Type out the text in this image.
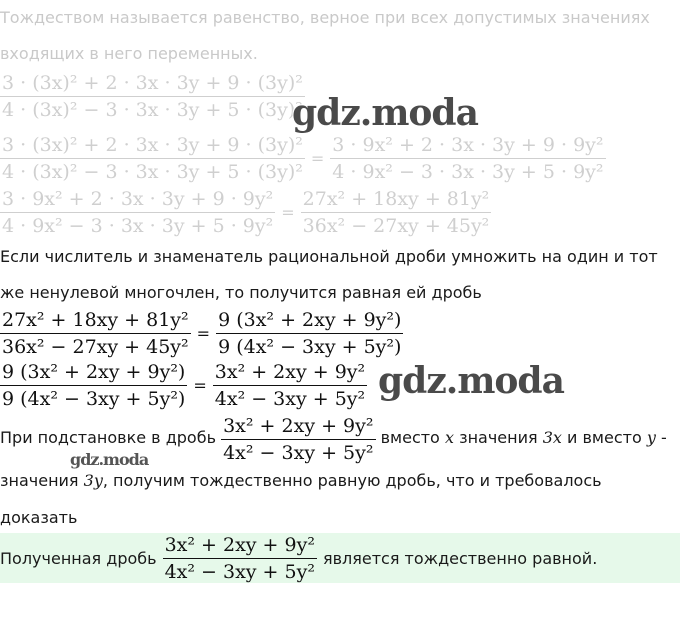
Тождеством называется равенство, верное при всех допустимых значениях
входящих в него переменных.
$\frac{\text{3 · (3x)² + 2 · 3x · 3y + 9 · (3y)²}}{\text{4 · (3x)² − 3 · 3x · 3y + 5 · (3y)²}}$
$\frac{\text{3 · (3x)² + 2 · 3x · 3y + 9 · (3y)²}}{\text{4 · (3x)² − 3 · 3x · 3y + 5 · (3y)²}} = \frac{\text{3 · 9x² + 2 · 3x · 3y + 9 · 9y²}}{\text{4 · 9x² − 3 · 3x · 3y + 5 · 9y²}}$
$\frac{\text{3 · 9x² + 2 · 3x · 3y + 9 · 9y²}}{\text{4 · 9x² − 3 · 3x · 3y + 5 · 9y²}} = \frac{\text{27x² + 18xy + 81y²}}{\text{36x² − 27xy + 45y²}}$
gdz.moda
Если числитель и знаменатель рациональной дроби умножить на один и тот
же ненулевой многочлен, то получится равная ей дробь
$\frac{\text{27x² + 18xy + 81y²}}{\text{36x² − 27xy + 45y²}} = \frac{\text{9 (3x² + 2xy + 9y²)}}{\text{9 (4x² − 3xy + 5y²)}}$
$\frac{\text{9 (3x² + 2xy + 9y²)}}{\text{9 (4x² − 3xy + 5y²)}} = \frac{\text{3x² + 2xy + 9y²}}{\text{4x² − 3xy + 5y²}}$ gdz.moda
При подстановке в дробь $\frac{\text{3x² + 2xy + 9y²}}{\text{4x² − 3xy + 5y²}}$ вместо x значения 3x и вместо y -
gdz.moda
значения 3y, получим тождественно равную дробь, что и требовалось
доказать
Полученная дробь $\frac{\text{3x² + 2xy + 9y²}}{\text{4x² − 3xy + 5y²}}$ является тождественно равной.
